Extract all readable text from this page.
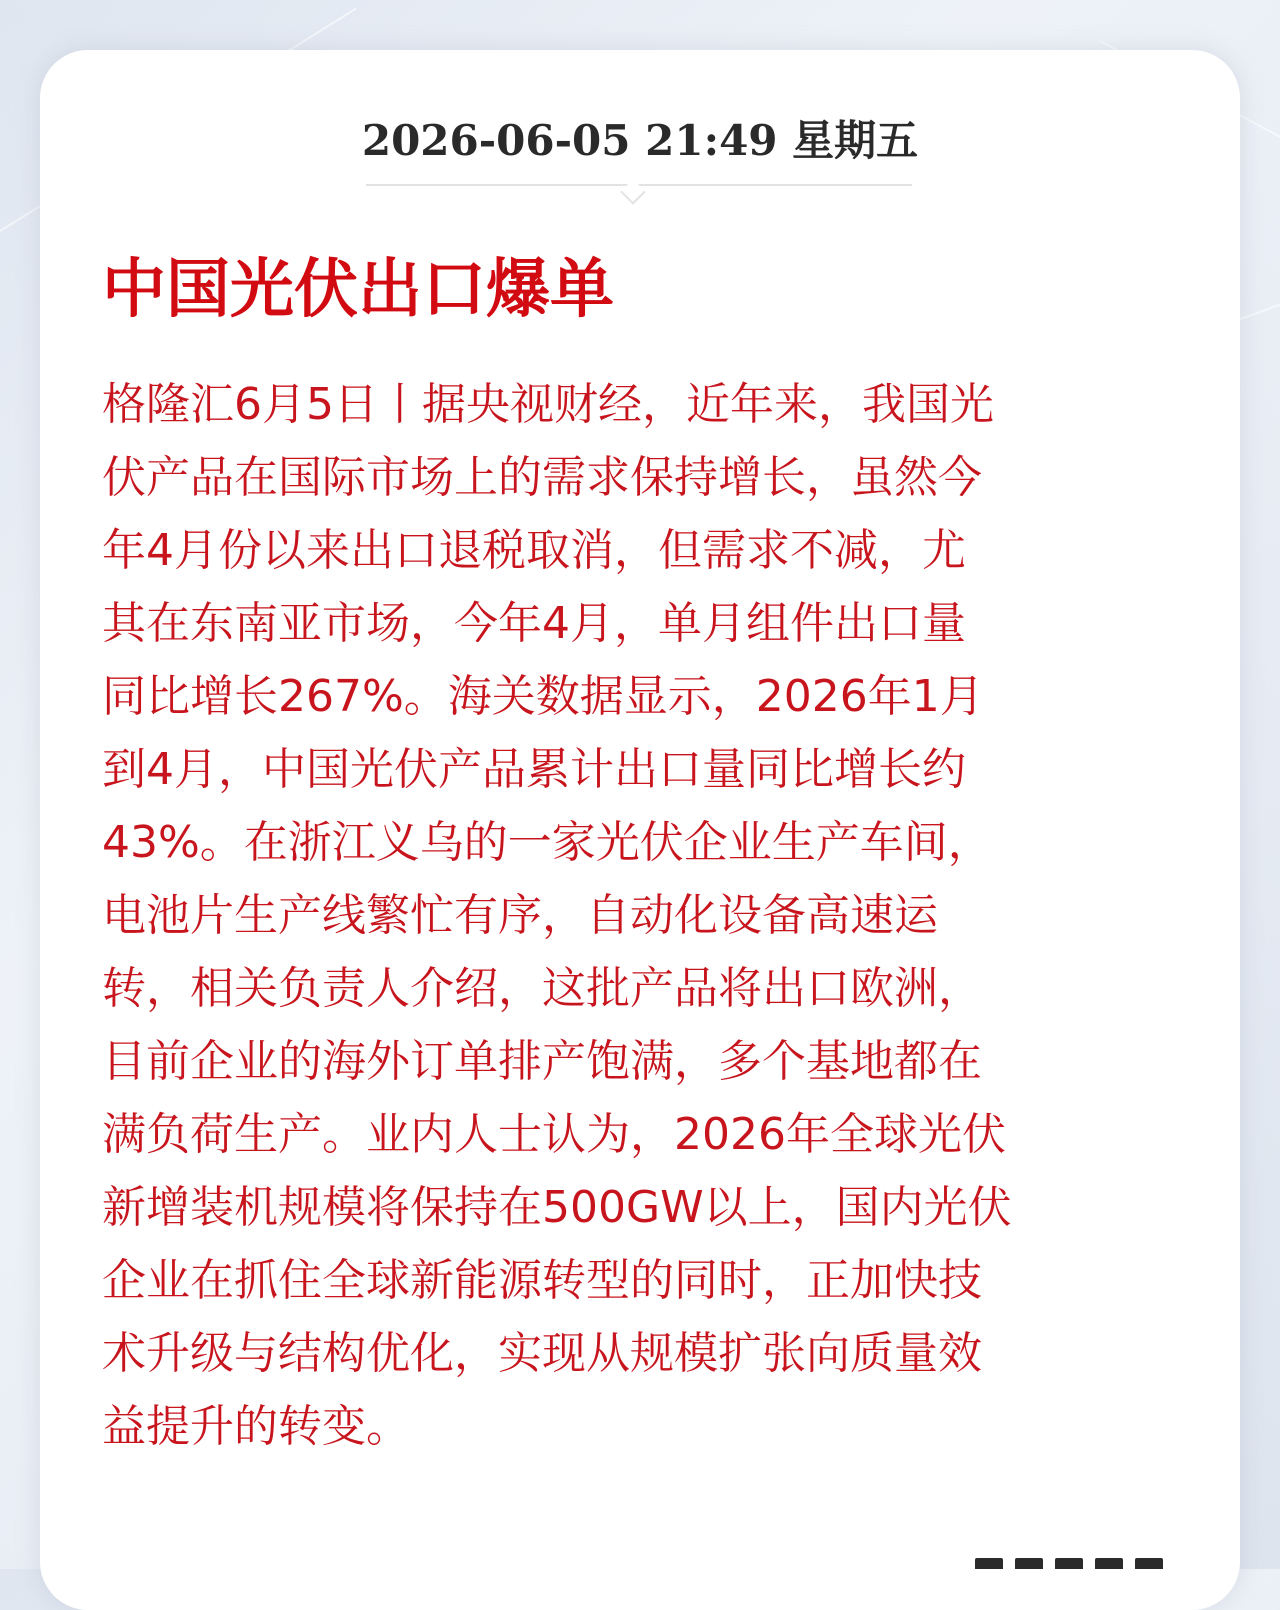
2026-06-05 21:49 星期五
中国光伏出口爆单
格隆汇6月5日丨据央视财经，近年来，我国光
伏产品在国际市场上的需求保持增长，虽然今
年4月份以来出口退税取消，但需求不减，尤
其在东南亚市场，今年4月，单月组件出口量
同比增长267%。海关数据显示，2026年1月
到4月，中国光伏产品累计出口量同比增长约
43%。在浙江义乌的一家光伏企业生产车间，
电池片生产线繁忙有序，自动化设备高速运
转，相关负责人介绍，这批产品将出口欧洲，
目前企业的海外订单排产饱满，多个基地都在
满负荷生产。业内人士认为，2026年全球光伏
新增装机规模将保持在500GW以上，国内光伏
企业在抓住全球新能源转型的同时，正加快技
术升级与结构优化，实现从规模扩张向质量效
益提升的转变。
